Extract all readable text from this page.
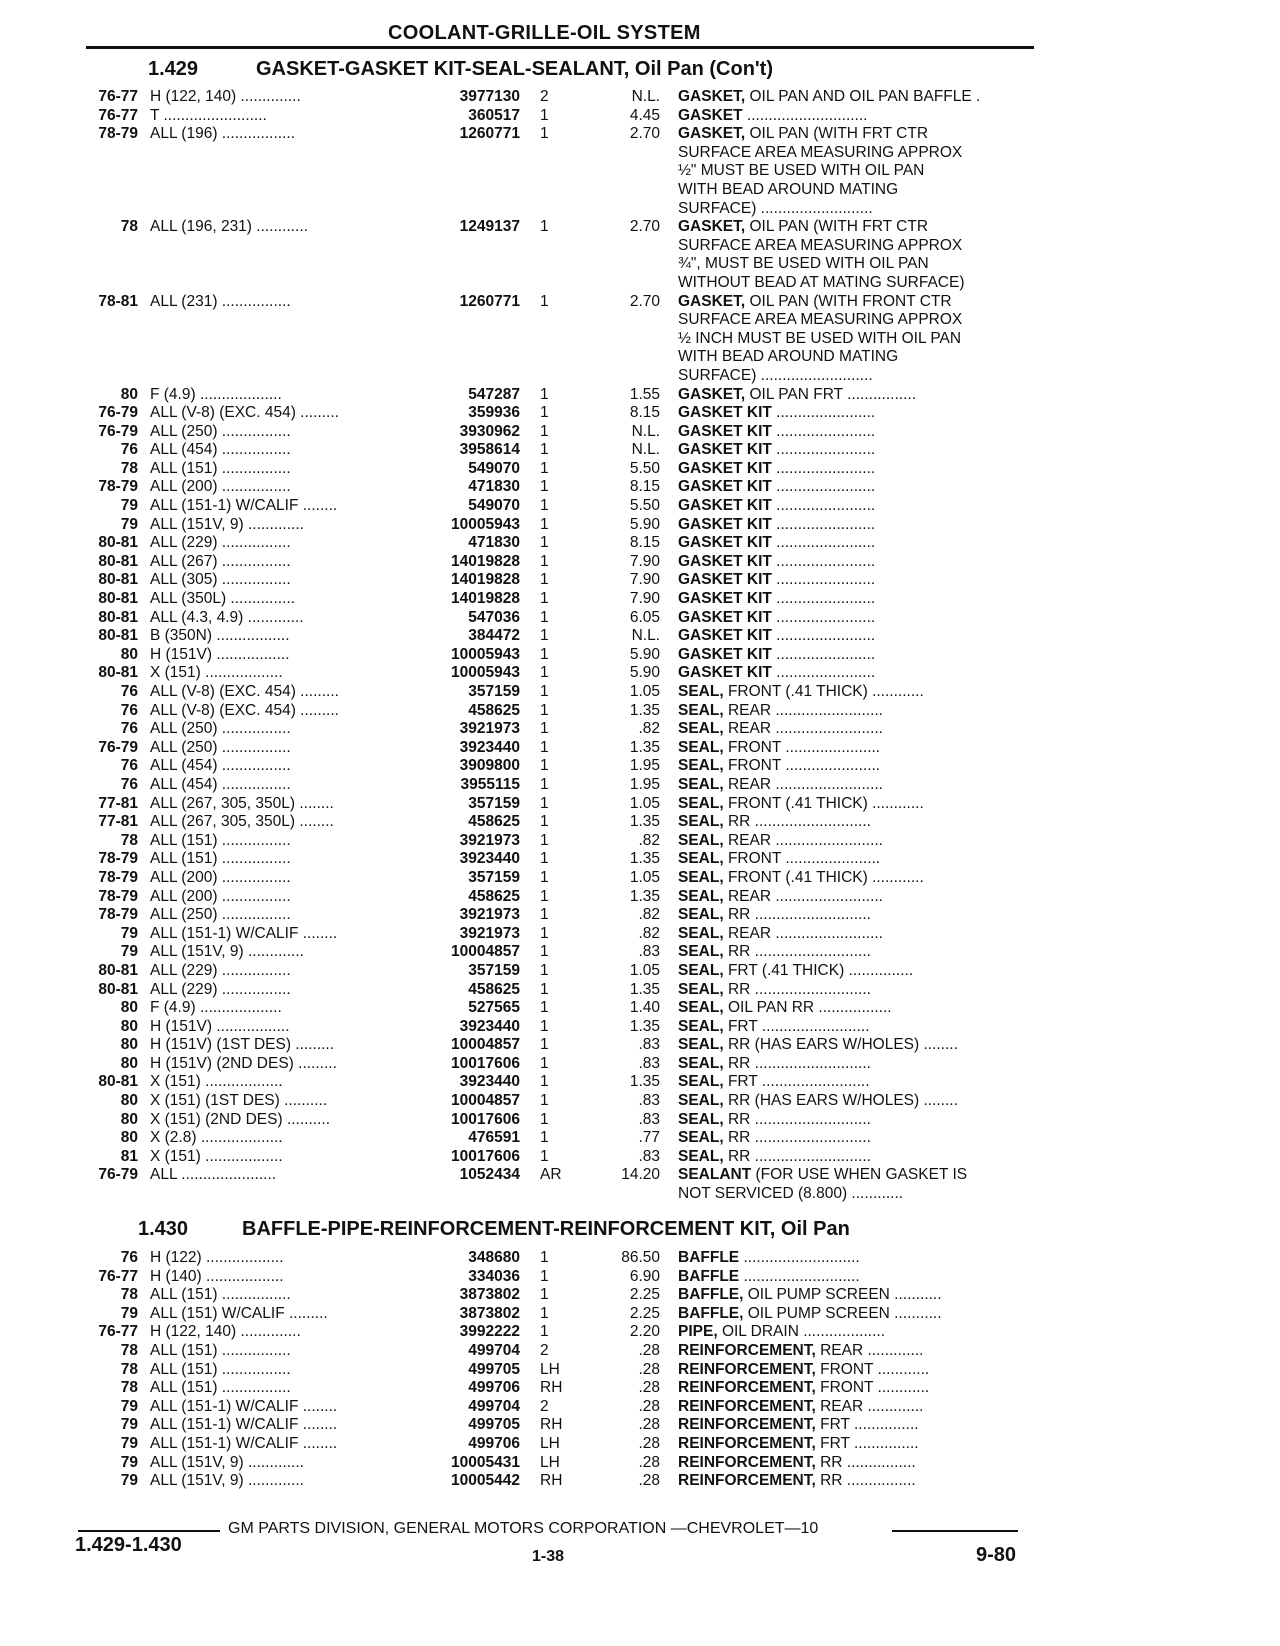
COOLANT-GRILLE-OIL SYSTEM
1.429	GASKET-GASKET KIT-SEAL-SEALANT, Oil Pan (Con't)
76-77 H (122, 140) ..............	3977130 2	N.L. GASKET, OIL PAN AND OIL PAN BAFFLE .
76-77 T ........................	360517 1	4.45 GASKET ............................
78-79 ALL (196) .................	1260771 1	2.70 GASKET, OIL PAN (WITH FRT CTR
SURFACE AREA MEASURING APPROX
½" MUST BE USED WITH OIL PAN
WITH BEAD AROUND MATING
SURFACE) ..........................
78 ALL (196, 231) ............	1249137 1	2.70 GASKET, OIL PAN (WITH FRT CTR
SURFACE AREA MEASURING APPROX
¾", MUST BE USED WITH OIL PAN
WITHOUT BEAD AT MATING SURFACE)
78-81 ALL (231) ................	1260771 1	2.70 GASKET, OIL PAN (WITH FRONT CTR
SURFACE AREA MEASURING APPROX
½ INCH MUST BE USED WITH OIL PAN
WITH BEAD AROUND MATING
SURFACE) ..........................
80 F (4.9) ...................	547287 1	1.55 GASKET, OIL PAN FRT ................
76-79 ALL (V-8) (EXC. 454) .........	359936 1	8.15 GASKET KIT .......................
76-79 ALL (250) ................	3930962 1	N.L. GASKET KIT .......................
76 ALL (454) ................	3958614 1	N.L. GASKET KIT .......................
78 ALL (151) ................	549070 1	5.50 GASKET KIT .......................
78-79 ALL (200) ................	471830 1	8.15 GASKET KIT .......................
79 ALL (151-1) W/CALIF ........	549070 1	5.50 GASKET KIT .......................
79 ALL (151V, 9) .............	10005943 1	5.90 GASKET KIT .......................
80-81 ALL (229) ................	471830 1	8.15 GASKET KIT .......................
80-81 ALL (267) ................	14019828 1	7.90 GASKET KIT .......................
80-81 ALL (305) ................	14019828 1	7.90 GASKET KIT .......................
80-81 ALL (350L) ...............	14019828 1	7.90 GASKET KIT .......................
80-81 ALL (4.3, 4.9) .............	547036 1	6.05 GASKET KIT .......................
80-81 B (350N) .................	384472 1	N.L. GASKET KIT .......................
80 H (151V) .................	10005943 1	5.90 GASKET KIT .......................
80-81 X (151) ..................	10005943 1	5.90 GASKET KIT .......................
76 ALL (V-8) (EXC. 454) .........	357159 1	1.05 SEAL, FRONT (.41 THICK) ............
76 ALL (V-8) (EXC. 454) .........	458625 1	1.35 SEAL, REAR .........................
76 ALL (250) ................	3921973 1	.82 SEAL, REAR .........................
76-79 ALL (250) ................	3923440 1	1.35 SEAL, FRONT ......................
76 ALL (454) ................	3909800 1	1.95 SEAL, FRONT ......................
76 ALL (454) ................	3955115 1	1.95 SEAL, REAR .........................
77-81 ALL (267, 305, 350L) ........	357159 1	1.05 SEAL, FRONT (.41 THICK) ............
77-81 ALL (267, 305, 350L) ........	458625 1	1.35 SEAL, RR ...........................
78 ALL (151) ................	3921973 1	.82 SEAL, REAR .........................
78-79 ALL (151) ................	3923440 1	1.35 SEAL, FRONT ......................
78-79 ALL (200) ................	357159 1	1.05 SEAL, FRONT (.41 THICK) ............
78-79 ALL (200) ................	458625 1	1.35 SEAL, REAR .........................
78-79 ALL (250) ................	3921973 1	.82 SEAL, RR ...........................
79 ALL (151-1) W/CALIF ........	3921973 1	.82 SEAL, REAR .........................
79 ALL (151V, 9) .............	10004857 1	.83 SEAL, RR ...........................
80-81 ALL (229) ................	357159 1	1.05 SEAL, FRT (.41 THICK) ...............
80-81 ALL (229) ................	458625 1	1.35 SEAL, RR ...........................
80 F (4.9) ...................	527565 1	1.40 SEAL, OIL PAN RR .................
80 H (151V) .................	3923440 1	1.35 SEAL, FRT .........................
80 H (151V) (1ST DES) .........	10004857 1	.83 SEAL, RR (HAS EARS W/HOLES) ........
80 H (151V) (2ND DES) .........	10017606 1	.83 SEAL, RR ...........................
80-81 X (151) ..................	3923440 1	1.35 SEAL, FRT .........................
80 X (151) (1ST DES) ..........	10004857 1	.83 SEAL, RR (HAS EARS W/HOLES) ........
80 X (151) (2ND DES) ..........	10017606 1	.83 SEAL, RR ...........................
80 X (2.8) ...................	476591 1	.77 SEAL, RR ...........................
81 X (151) ..................	10017606 1	.83 SEAL, RR ...........................
76-79 ALL ......................	1052434 AR	14.20 SEALANT (FOR USE WHEN GASKET IS
NOT SERVICED (8.800) ............
1.430	BAFFLE-PIPE-REINFORCEMENT-REINFORCEMENT KIT, Oil Pan
76 H (122) ..................	348680 1	86.50 BAFFLE ...........................
76-77 H (140) ..................	334036 1	6.90 BAFFLE ...........................
78 ALL (151) ................	3873802 1	2.25 BAFFLE, OIL PUMP SCREEN ...........
79 ALL (151) W/CALIF .........	3873802 1	2.25 BAFFLE, OIL PUMP SCREEN ...........
76-77 H (122, 140) ..............	3992222 1	2.20 PIPE, OIL DRAIN ...................
78 ALL (151) ................	499704 2	.28 REINFORCEMENT, REAR .............
78 ALL (151) ................	499705 LH	.28 REINFORCEMENT, FRONT ............
78 ALL (151) ................	499706 RH	.28 REINFORCEMENT, FRONT ............
79 ALL (151-1) W/CALIF ........	499704 2	.28 REINFORCEMENT, REAR .............
79 ALL (151-1) W/CALIF ........	499705 RH	.28 REINFORCEMENT, FRT ...............
79 ALL (151-1) W/CALIF ........	499706 LH	.28 REINFORCEMENT, FRT ...............
79 ALL (151V, 9) .............	10005431 LH	.28 REINFORCEMENT, RR ................
79 ALL (151V, 9) .............	10005442 RH	.28 REINFORCEMENT, RR ................
GM PARTS DIVISION, GENERAL MOTORS CORPORATION —CHEVROLET—10
1.429-1.430
1-38	9-80
